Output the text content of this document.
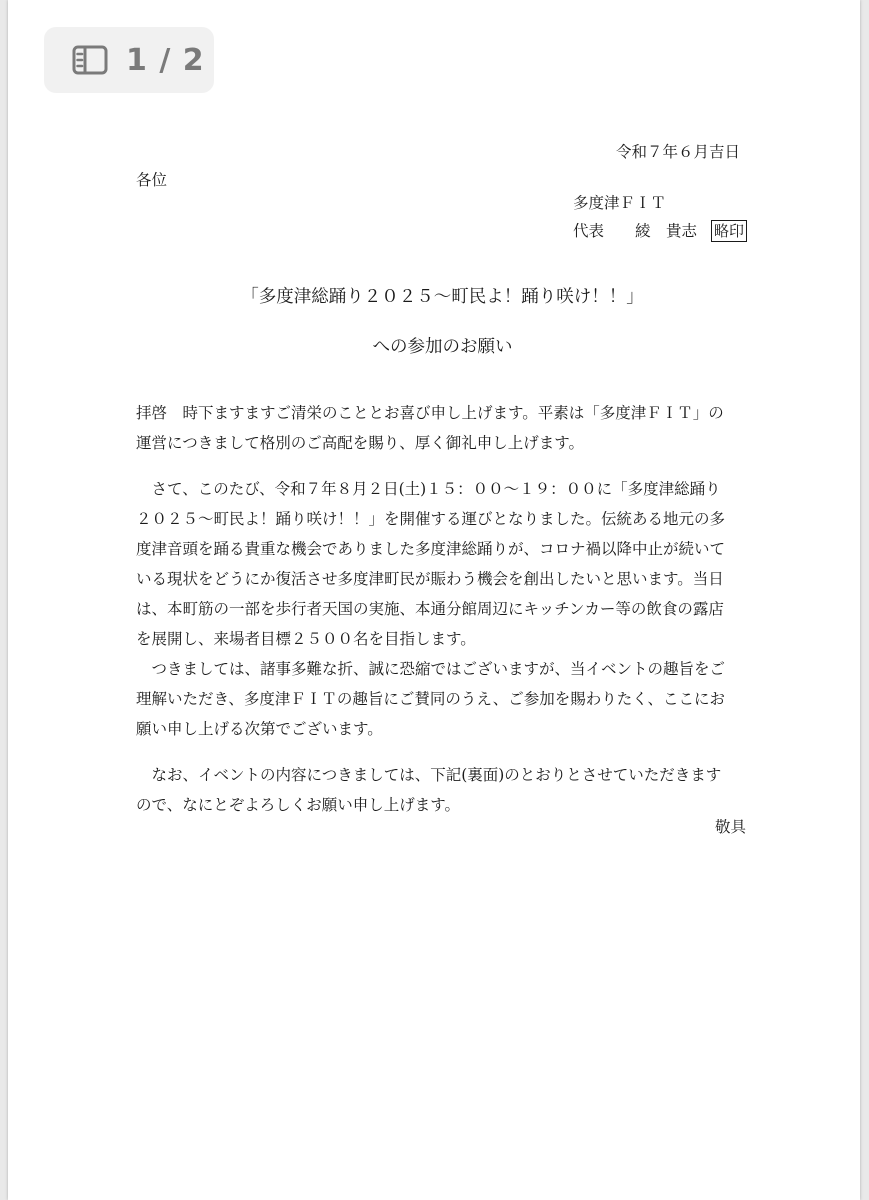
令和７年６月吉日
各位
多度津ＦＩＴ
代表	綾　貴志 略印
「多度津総踊り２０２５～町民よ！踊り咲け！！」
への参加のお願い
拝啓　時下ますますご清栄のこととお喜び申し上げます。平素は「多度津ＦＩＴ」の
運営につきまして格別のご高配を賜り、厚く御礼申し上げます。
　さて、このたび、令和７年８月２日(土)１５：００～１９：００に「多度津総踊り
２０２５～町民よ！踊り咲け！！」を開催する運びとなりました。伝統ある地元の多
度津音頭を踊る貴重な機会でありました多度津総踊りが、コロナ禍以降中止が続いて
いる現状をどうにか復活させ多度津町民が賑わう機会を創出したいと思います。当日
は、本町筋の一部を歩行者天国の実施、本通分館周辺にキッチンカー等の飲食の露店
を展開し、来場者目標２５００名を目指します。
　つきましては、諸事多難な折、誠に恐縮ではございますが、当イベントの趣旨をご
理解いただき、多度津ＦＩＴの趣旨にご賛同のうえ、ご参加を賜わりたく、ここにお
願い申し上げる次第でございます。
　なお、イベントの内容につきましては、下記(裏面)のとおりとさせていただきます
ので、なにとぞよろしくお願い申し上げます。
敬具
1 / 2
